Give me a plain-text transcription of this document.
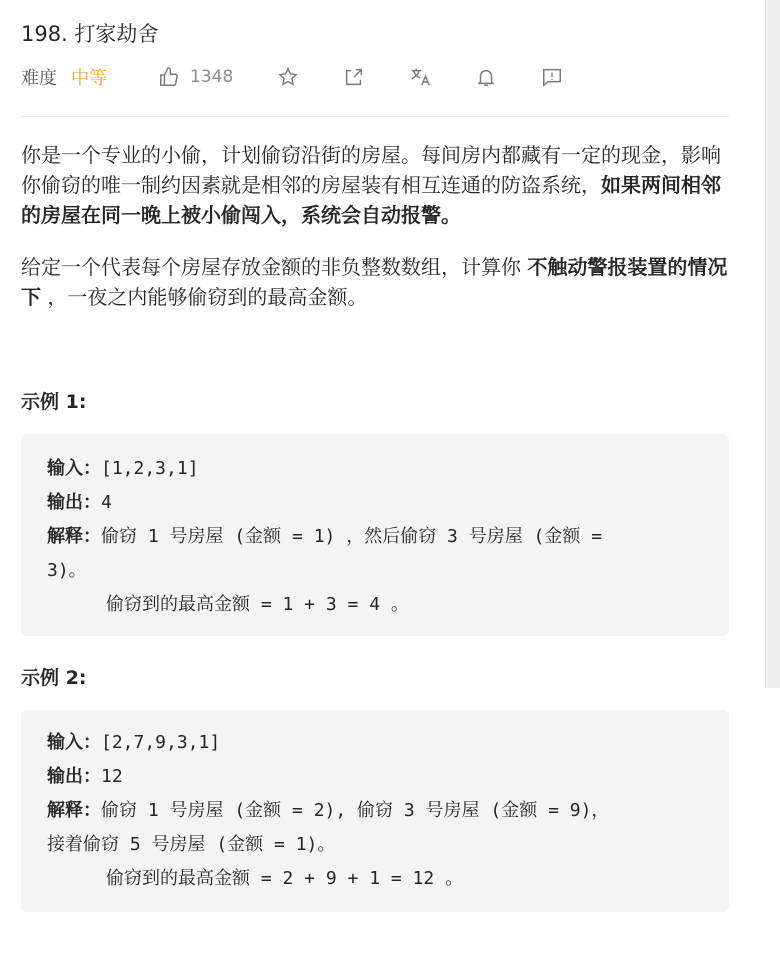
198. 打家劫舍
难度 中等	1348
你是一个专业的小偷，计划偷窃沿街的房屋。每间房内都藏有一定的现金，影响你偷窃的唯一制约因素就是相邻的房屋装有相互连通的防盗系统，如果两间相邻的房屋在同一晚上被小偷闯入，系统会自动报警。
给定一个代表每个房屋存放金额的非负整数数组，计算你 不触动警报装置的情况下 ，一夜之内能够偷窃到的最高金额。
示例 1:
输入：[1,2,3,1]
输出：4
解释：偷窃 1 号房屋 (金额 = 1) ，然后偷窃 3 号房屋 (金额 =
3)。
偷窃到的最高金额 = 1 + 3 = 4 。
示例 2:
输入：[2,7,9,3,1]
输出：12
解释：偷窃 1 号房屋 (金额 = 2), 偷窃 3 号房屋 (金额 = 9)，
接着偷窃 5 号房屋 (金额 = 1)。
偷窃到的最高金额 = 2 + 9 + 1 = 12 。
